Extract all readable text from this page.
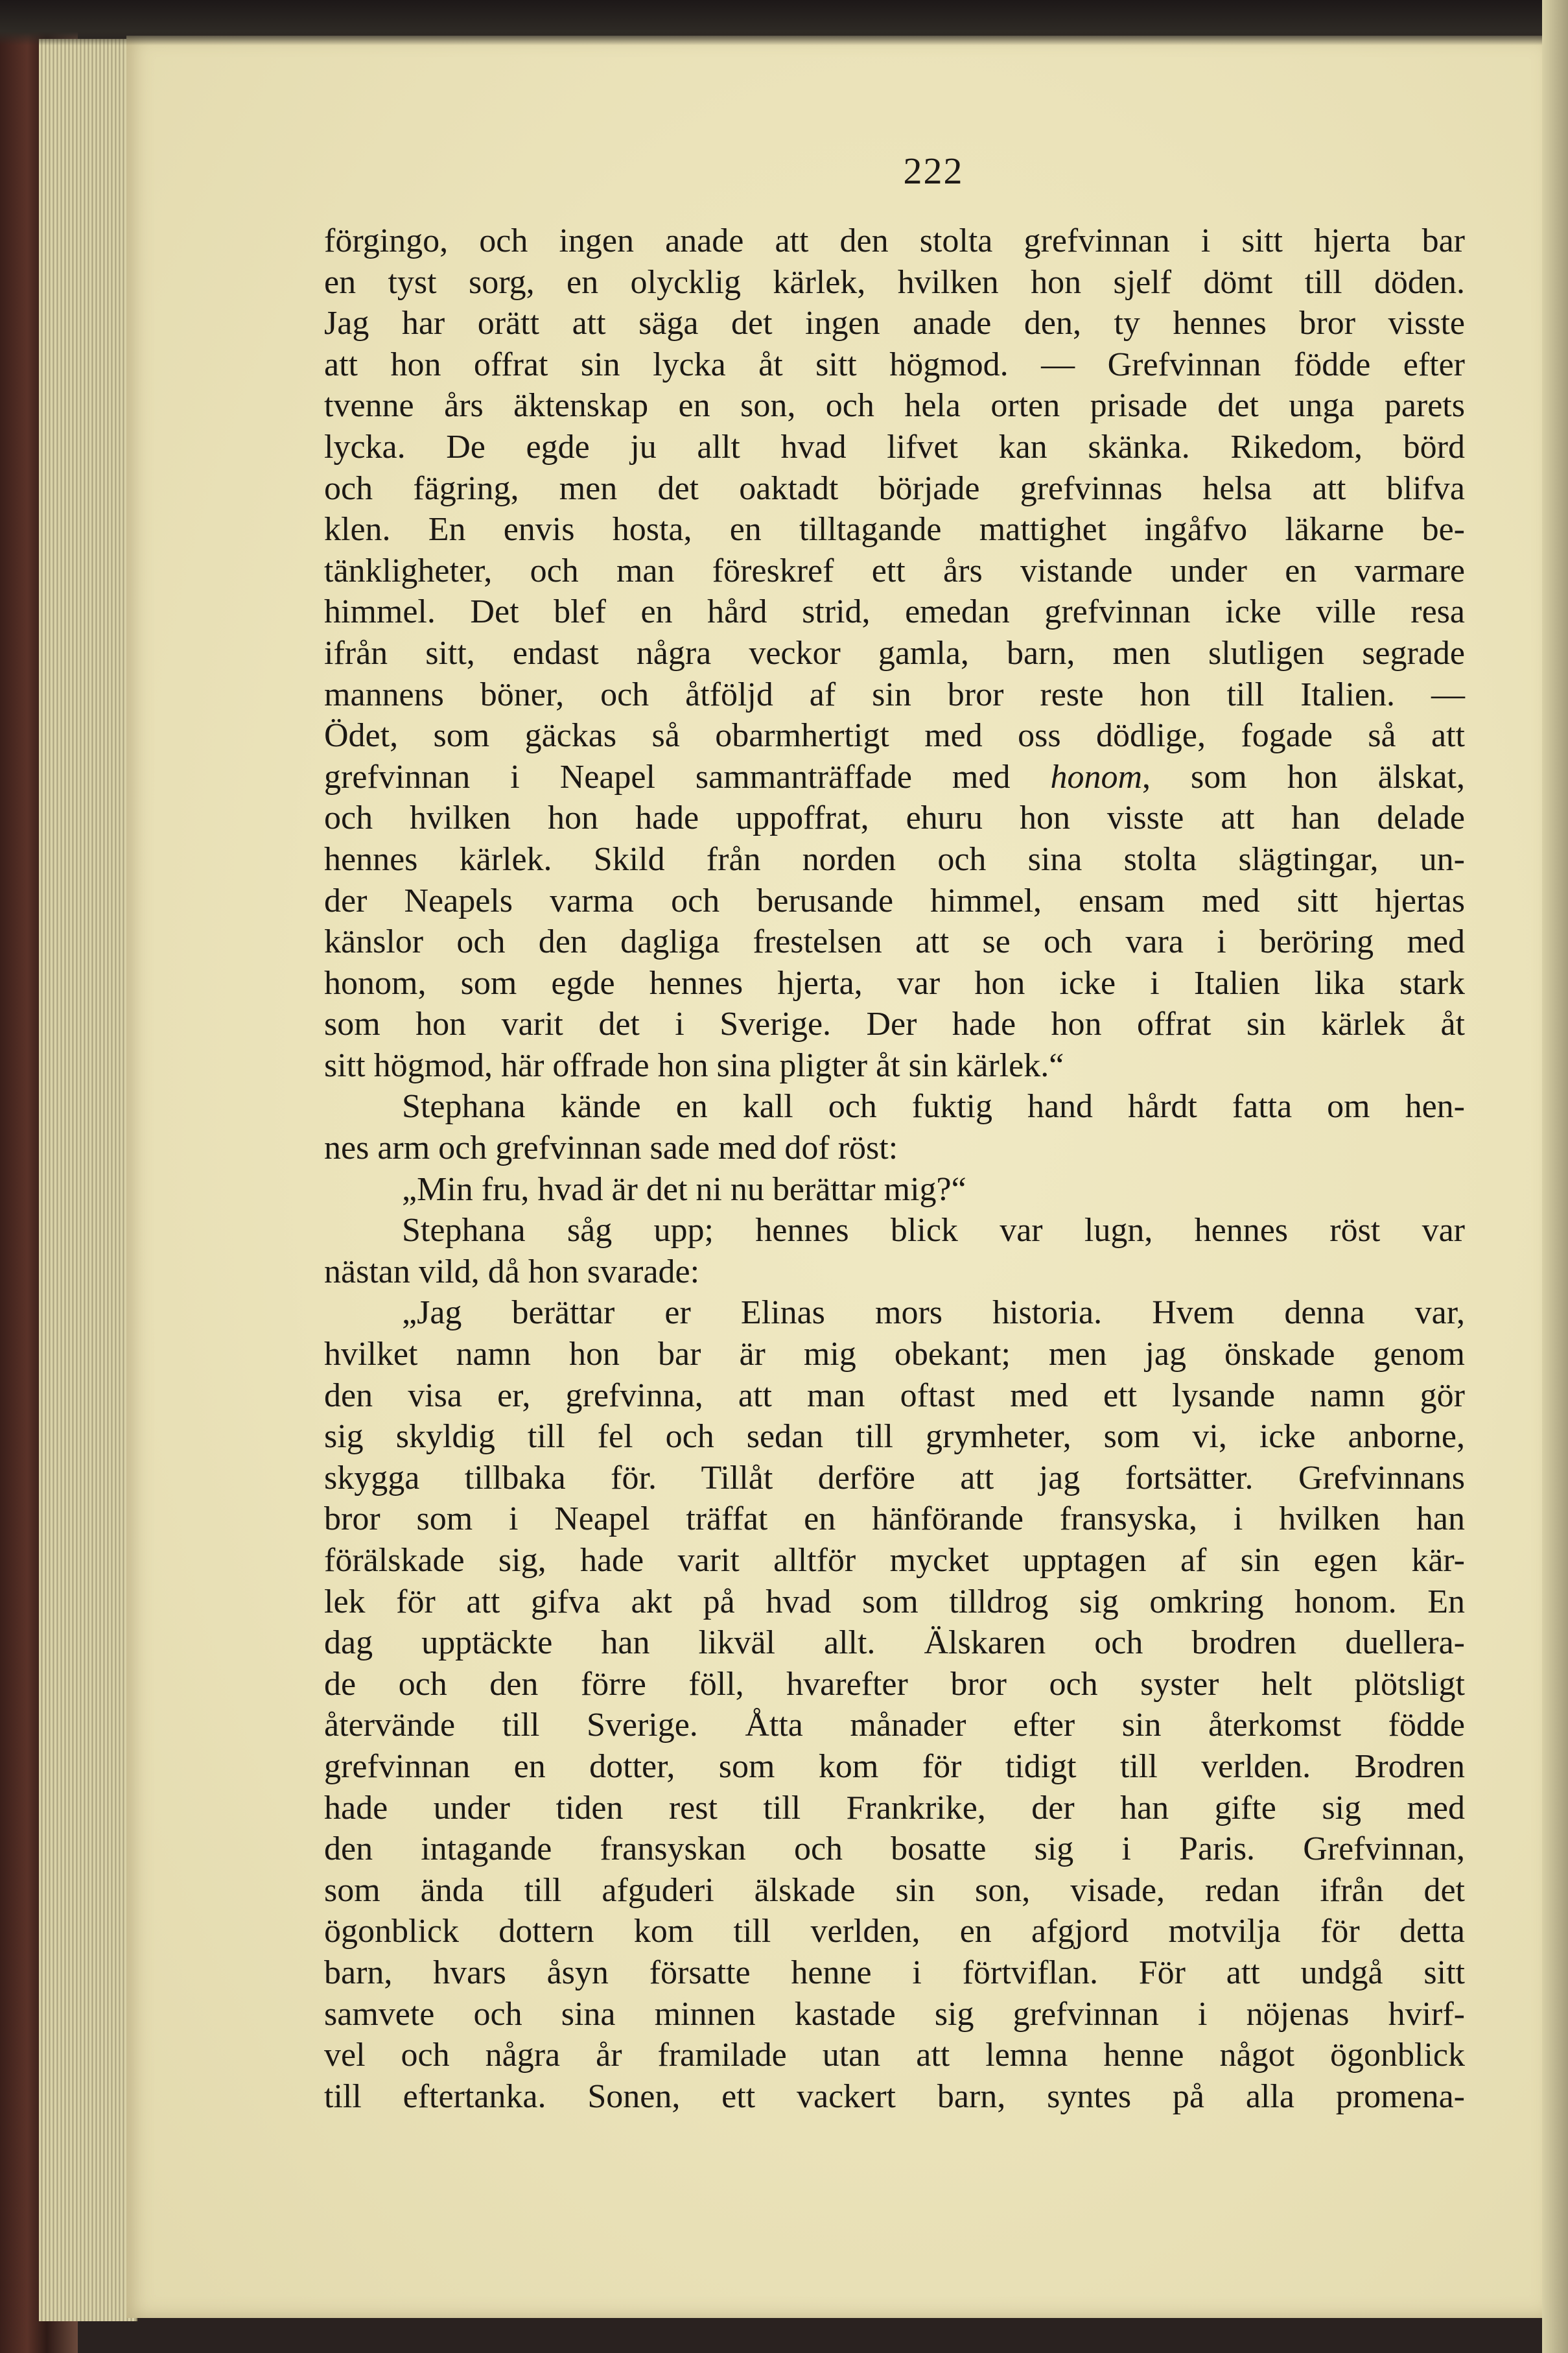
222
förgingo, och ingen anade att den stolta grefvinnan i sitt hjerta bar
en tyst sorg, en olycklig kärlek, hvilken hon sjelf dömt till döden.
Jag har orätt att säga det ingen anade den, ty hennes bror visste
att hon offrat sin lycka åt sitt högmod. — Grefvinnan födde efter
tvenne års äktenskap en son, och hela orten prisade det unga parets
lycka. De egde ju allt hvad lifvet kan skänka. Rikedom, börd
och fägring, men det oaktadt började grefvinnas helsa att blifva
klen. En envis hosta, en tilltagande mattighet ingåfvo läkarne be-
tänkligheter, och man föreskref ett års vistande under en varmare
himmel. Det blef en hård strid, emedan grefvinnan icke ville resa
ifrån sitt, endast några veckor gamla, barn, men slutligen segrade
mannens böner, och åtföljd af sin bror reste hon till Italien. —
Ödet, som gäckas så obarmhertigt med oss dödlige, fogade så att
grefvinnan i Neapel sammanträffade med honom, som hon älskat,
och hvilken hon hade uppoffrat, ehuru hon visste att han delade
hennes kärlek. Skild från norden och sina stolta slägtingar, un-
der Neapels varma och berusande himmel, ensam med sitt hjertas
känslor och den dagliga frestelsen att se och vara i beröring med
honom, som egde hennes hjerta, var hon icke i Italien lika stark
som hon varit det i Sverige. Der hade hon offrat sin kärlek åt
sitt högmod, här offrade hon sina pligter åt sin kärlek.“
Stephana kände en kall och fuktig hand hårdt fatta om hen-
nes arm och grefvinnan sade med dof röst:
„Min fru, hvad är det ni nu berättar mig?“
Stephana såg upp; hennes blick var lugn, hennes röst var
nästan vild, då hon svarade:
„Jag berättar er Elinas mors historia. Hvem denna var,
hvilket namn hon bar är mig obekant; men jag önskade genom
den visa er, grefvinna, att man oftast med ett lysande namn gör
sig skyldig till fel och sedan till grymheter, som vi, icke anborne,
skygga tillbaka för. Tillåt derföre att jag fortsätter. Grefvinnans
bror som i Neapel träffat en hänförande fransyska, i hvilken han
förälskade sig, hade varit alltför mycket upptagen af sin egen kär-
lek för att gifva akt på hvad som tilldrog sig omkring honom. En
dag upptäckte han likväl allt. Älskaren och brodren duellera-
de och den förre föll, hvarefter bror och syster helt plötsligt
återvände till Sverige. Åtta månader efter sin återkomst födde
grefvinnan en dotter, som kom för tidigt till verlden. Brodren
hade under tiden rest till Frankrike, der han gifte sig med
den intagande fransyskan och bosatte sig i Paris. Grefvinnan,
som ända till afguderi älskade sin son, visade, redan ifrån det
ögonblick dottern kom till verlden, en afgjord motvilja för detta
barn, hvars åsyn försatte henne i förtviflan. För att undgå sitt
samvete och sina minnen kastade sig grefvinnan i nöjenas hvirf-
vel och några år framilade utan att lemna henne något ögonblick
till eftertanka. Sonen, ett vackert barn, syntes på alla promena-
